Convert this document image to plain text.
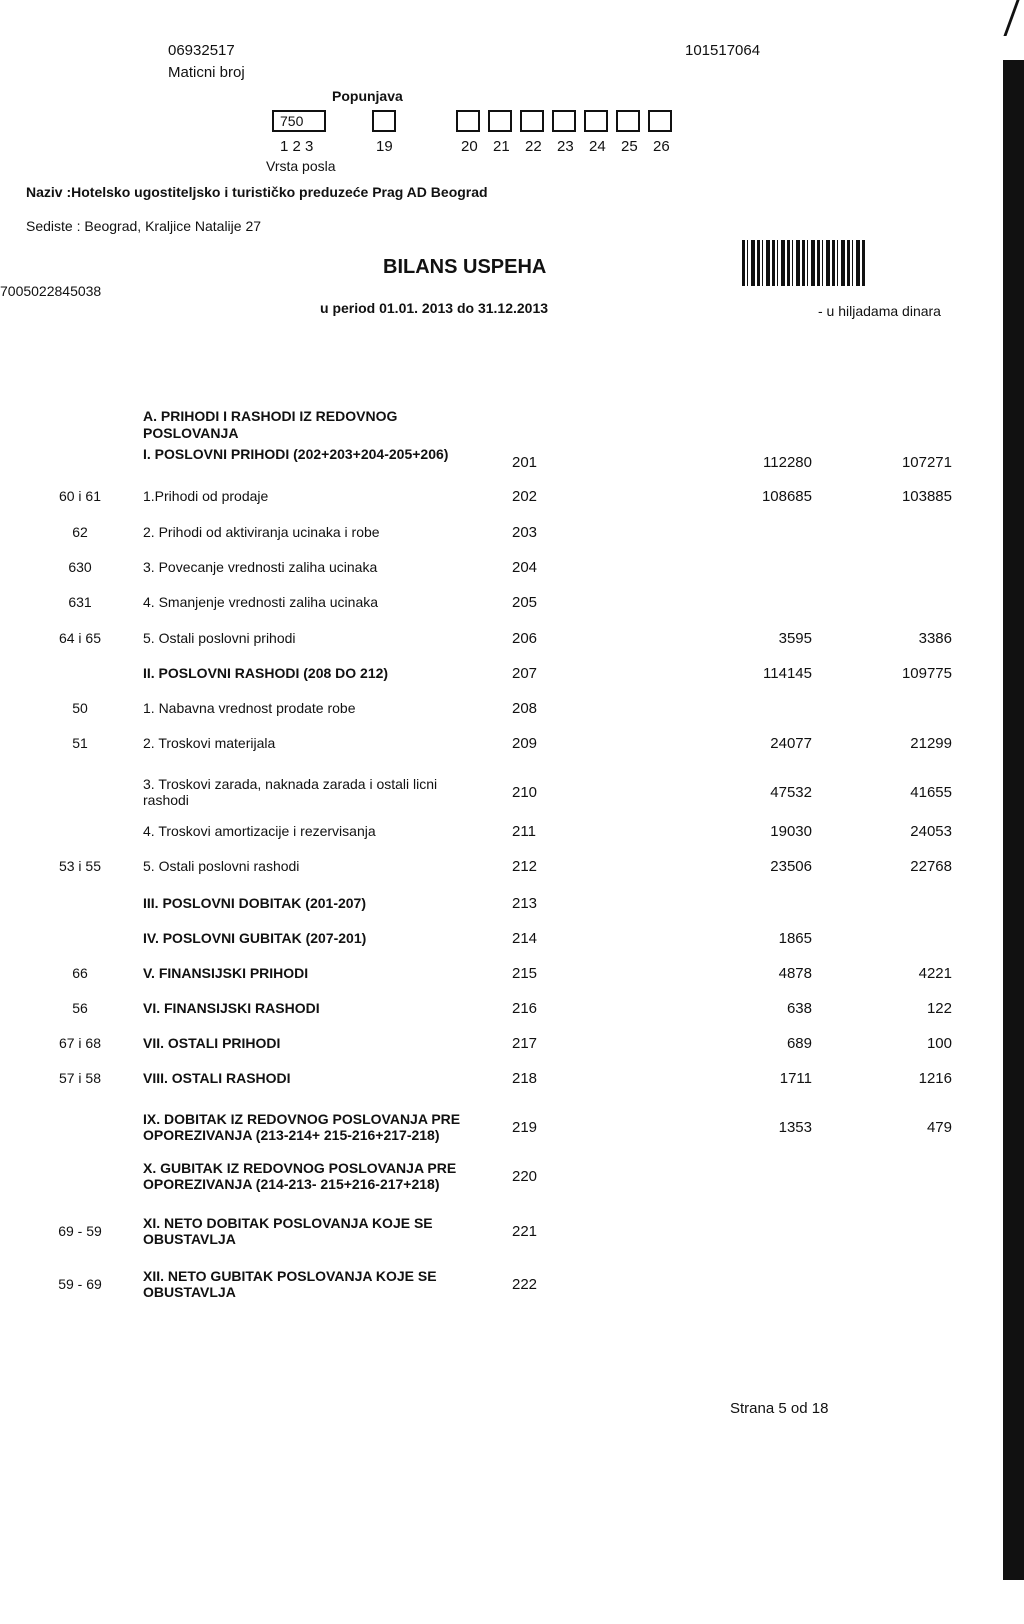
06932517
Maticni broj
101517064
Popunjava
750
1 2 3	19	20 21 22 23 24 25 26
Vrsta posla
Naziv :Hotelsko ugostiteljsko i turističko preduzeće Prag AD Beograd
Sediste : Beograd, Kraljice Natalije 27
7005022845038
BILANS USPEHA
u period 01.01. 2013 do 31.12.2013	- u hiljadama dinara
A. PRIHODI I RASHODI IZ REDOVNOG POSLOVANJA
I. POSLOVNI PRIHODI (202+203+204-205+206)	201	112280	107271
60 i 61	1.Prihodi od prodaje	202	108685	103885
62	2. Prihodi od aktiviranja ucinaka i robe	203
630	3. Povecanje vrednosti zaliha ucinaka	204
631	4. Smanjenje vrednosti zaliha ucinaka	205
64 i 65	5. Ostali poslovni prihodi	206	3595	3386
II. POSLOVNI RASHODI (208 DO 212)	207	114145	109775
50	1. Nabavna vrednost prodate robe	208
51	2. Troskovi materijala	209	24077	21299
3. Troskovi zarada, naknada zarada i ostali licni rashodi	210	47532	41655
4. Troskovi amortizacije i rezervisanja	211	19030	24053
53 i 55	5. Ostali poslovni rashodi	212	23506	22768
III. POSLOVNI DOBITAK (201-207)	213
IV. POSLOVNI GUBITAK (207-201)	214	1865
66	V. FINANSIJSKI PRIHODI	215	4878	4221
56	VI. FINANSIJSKI RASHODI	216	638	122
67 i 68	VII. OSTALI PRIHODI	217	689	100
57 i 58	VIII. OSTALI RASHODI	218	1711	1216
IX. DOBITAK IZ REDOVNOG POSLOVANJA PRE OPOREZIVANJA (213-214+ 215-216+217-218)	219	1353	479
X. GUBITAK IZ REDOVNOG POSLOVANJA PRE OPOREZIVANJA (214-213- 215+216-217+218)	220
69 - 59	XI. NETO DOBITAK POSLOVANJA KOJE SE OBUSTAVLJA	221
59 - 69	XII. NETO GUBITAK POSLOVANJA KOJE SE OBUSTAVLJA	222
Strana 5 od 18
